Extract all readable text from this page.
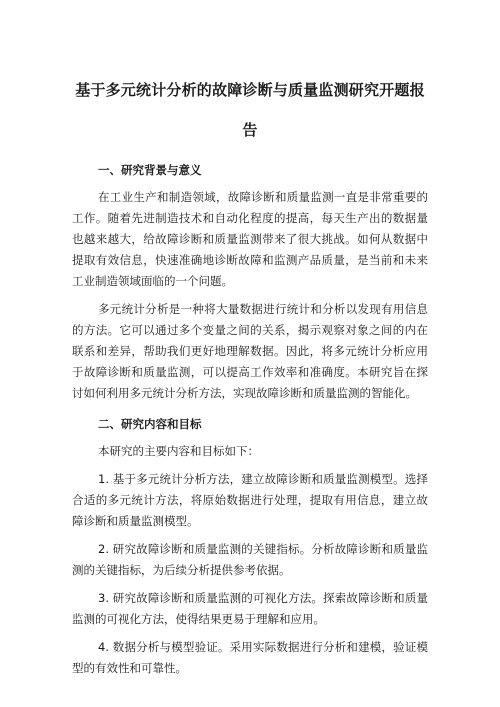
基于多元统计分析的故障诊断与质量监测研究开题报告
一、研究背景与意义

在工业生产和制造领域，故障诊断和质量监测一直是非常重要的工作。随着先进制造技术和自动化程度的提高，每天生产出的数据量也越来越大，给故障诊断和质量监测带来了很大挑战。如何从数据中提取有效信息，快速准确地诊断故障和监测产品质量，是当前和未来工业制造领域面临的一个问题。

多元统计分析是一种将大量数据进行统计和分析以发现有用信息的方法。它可以通过多个变量之间的关系，揭示观察对象之间的内在联系和差异，帮助我们更好地理解数据。因此，将多元统计分析应用于故障诊断和质量监测，可以提高工作效率和准确度。本研究旨在探讨如何利用多元统计分析方法，实现故障诊断和质量监测的智能化。

二、研究内容和目标

本研究的主要内容和目标如下：

1. 基于多元统计分析方法，建立故障诊断和质量监测模型。选择合适的多元统计方法，将原始数据进行处理，提取有用信息，建立故障诊断和质量监测模型。

2. 研究故障诊断和质量监测的关键指标。分析故障诊断和质量监测的关键指标，为后续分析提供参考依据。

3. 研究故障诊断和质量监测的可视化方法。探索故障诊断和质量监测的可视化方法，使得结果更易于理解和应用。

4. 数据分析与模型验证。采用实际数据进行分析和建模，验证模型的有效性和可靠性。
